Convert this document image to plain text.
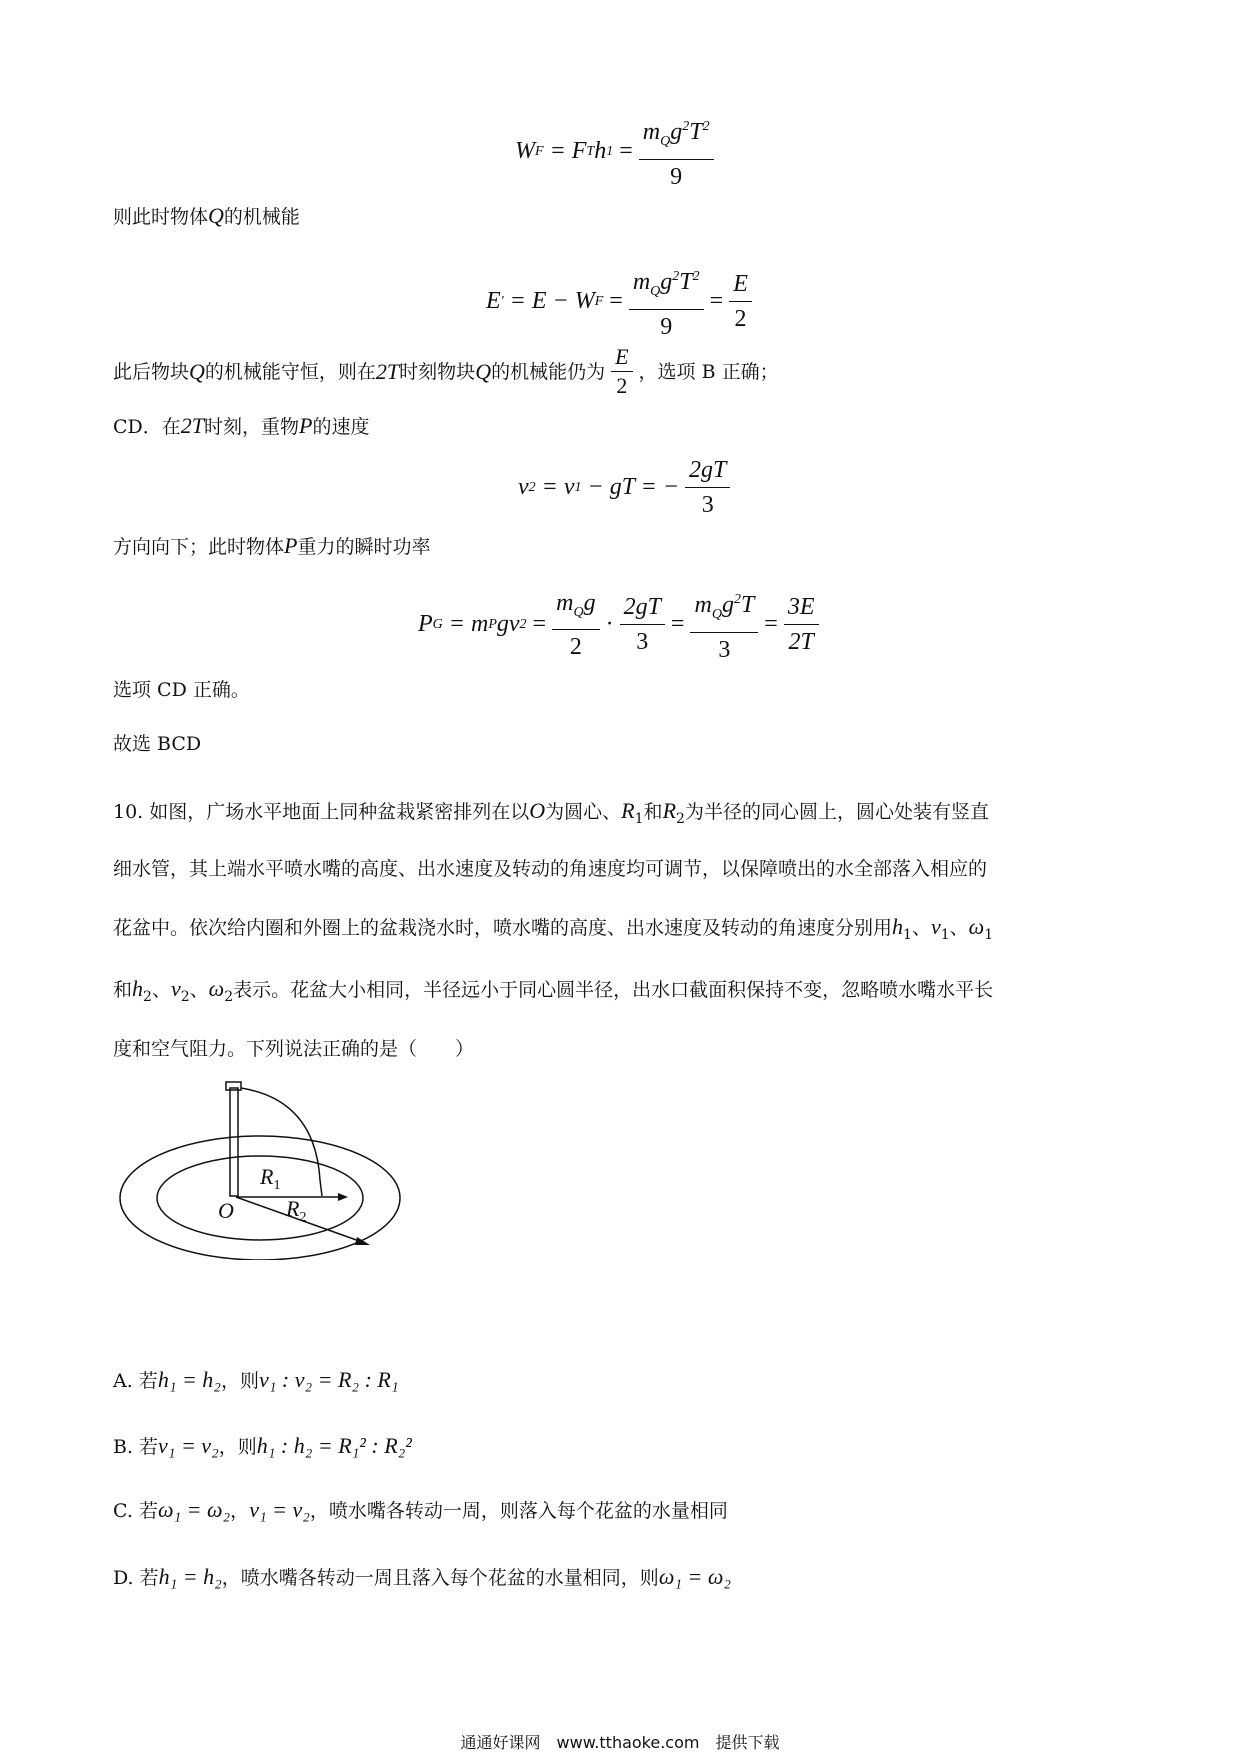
W F
= F T h $1 = \frac{m_Qg^2T^2}{9}$
则此时物体Q的机械能
E '
= E − W $F = \frac{m_Qg^2T^2}{9} = \frac{E}{2}$
此后物块 Q 的机械能守恒，则在 2T 时刻物块 Q 的机械能仍为 $\frac{E}{2}$ ，选项 B 正确；
CD．在2T时刻，重物P的速度
v 2
= v 1
− gT = − $\frac{2gT}{3}$
方向向下；此时物体P重力的瞬时功率
P G
= m P gv $2 = \frac{m_Qg}{2} \cdot \frac{2gT}{3} = \frac{m_Qg^2T}{3} = \frac{3E}{2T}$
选项 CD 正确。
故选 BCD
10. 如图，广场水平地面上同种盆栽紧密排列在以O为圆心、$R_1$和$R_2$为半径的同心圆上，圆心处装有竖直
细水管，其上端水平喷水嘴的高度、出水速度及转动的角速度均可调节，以保障喷出的水全部落入相应的
花盆中。依次给内圈和外圈上的盆栽浇水时，喷水嘴的高度、出水速度及转动的角速度分别用$h_1$、$v_1$、$\omega_1$
和$h_2$、$v_2$、$\omega_2$表示。花盆大小相同，半径远小于同心圆半径，出水口截面积保持不变，忽略喷水嘴水平长
度和空气阻力。下列说法正确的是（　　）
$R_1$
$R_2$
O
A. 若h₁ = h₂，则v₁ : v₂ = R₂ : R₁
B. 若v₁ = v₂，则h₁ : h₂ = R₁² : R₂²
C. 若ω₁ = ω₂，v₁ = v₂，喷水嘴各转动一周，则落入每个花盆的水量相同
D. 若h₁ = h₂，喷水嘴各转动一周且落入每个花盆的水量相同，则ω₁ = ω₂
通通好课网　www.tthaoke.com　提供下载
